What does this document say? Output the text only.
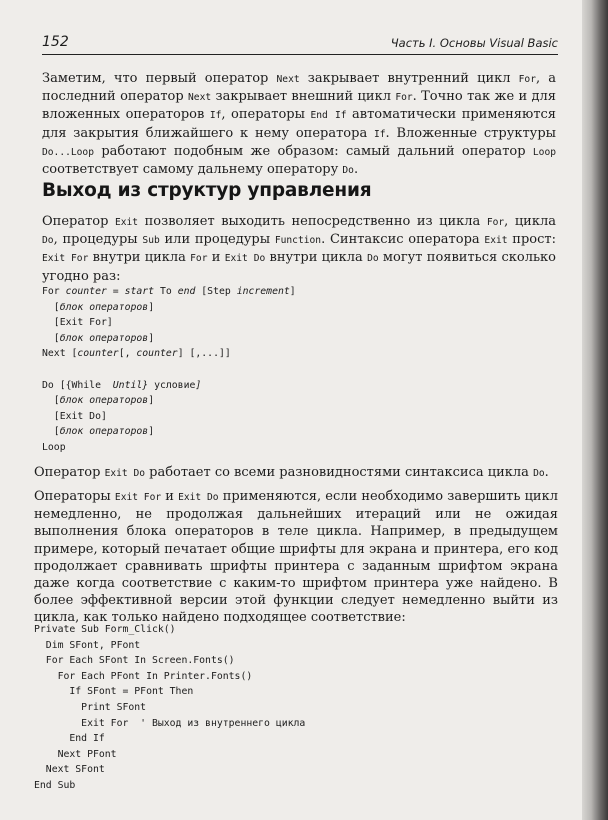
152	Часть I. Основы Visual Basic

Заметим, что первый оператор Next закрывает внутренний цикл For, а последний оператор Next закрывает внешний цикл For. Точно так же и для вложенных операторов If, операторы End If автоматически применяются для закрытия ближайшего к нему оператора If. Вложенные структуры Do...Loop работают подобным же образом: самый дальний оператор Loop соответствует самому дальнему оператору Do.

Выход из структур управления

Оператор Exit позволяет выходить непосредственно из цикла For, цикла Do, процедуры Sub или процедуры Function. Синтаксис оператора Exit прост: Exit For внутри цикла For и Exit Do внутри цикла Do могут появиться сколько угодно раз:

For counter = start To end [Step increment]
[блок операторов]
[Exit For]
[блок операторов]
Next [counter[, counter] [,...]]
Do [{While  Until} условие]
[блок операторов]
[Exit Do]
[блок операторов]
Loop

Оператор Exit Do работает со всеми разновидностями синтаксиса цикла Do.

Операторы Exit For и Exit Do применяются, если необходимо завершить цикл немедленно, не продолжая дальнейших итераций или не ожидая выполнения блока операторов в теле цикла. Например, в предыдущем примере, который печатает общие шрифты для экрана и принтера, его код продолжает сравнивать шрифты принтера с заданным шрифтом экрана даже когда соответствие с каким-то шрифтом принтера уже найдено. В более эффективной версии этой функции следует немедленно выйти из цикла, как только найдено подходящее соответствие:

Private Sub Form_Click()
Dim SFont, PFont
For Each SFont In Screen.Fonts()
For Each PFont In Printer.Fonts()
If SFont = PFont Then
Print SFont
Exit For  ' Выход из внутреннего цикла
End If
Next PFont
Next SFont
End Sub
